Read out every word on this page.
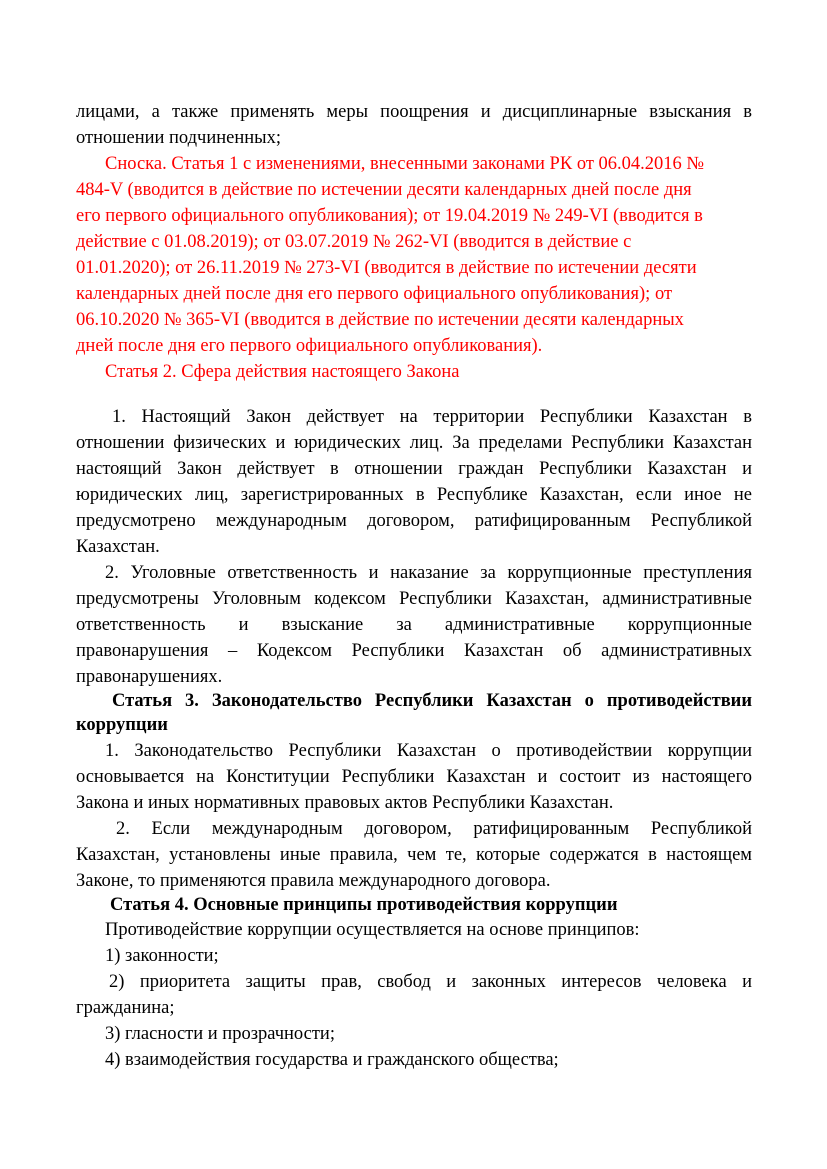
лицами, а также применять меры поощрения и дисциплинарные взыскания в
отношении подчиненных;
Сноска. Статья 1 с изменениями, внесенными законами РК от 06.04.2016 №
484-V (вводится в действие по истечении десяти календарных дней после дня
его первого официального опубликования); от 19.04.2019 № 249-VI (вводится в
действие с 01.08.2019); от 03.07.2019 № 262-VI (вводится в действие с
01.01.2020); от 26.11.2019 № 273-VI (вводится в действие по истечении десяти
календарных дней после дня его первого официального опубликования); от
06.10.2020 № 365-VI (вводится в действие по истечении десяти календарных
дней после дня его первого официального опубликования).
Статья 2. Сфера действия настоящего Закона
1. Настоящий Закон действует на территории Республики Казахстан в
отношении физических и юридических лиц. За пределами Республики Казахстан
настоящий Закон действует в отношении граждан Республики Казахстан и
юридических лиц, зарегистрированных в Республике Казахстан, если иное не
предусмотрено международным договором, ратифицированным Республикой
Казахстан.
2. Уголовные ответственность и наказание за коррупционные преступления
предусмотрены Уголовным кодексом Республики Казахстан, административные
ответственность и взыскание за административные коррупционные
правонарушения – Кодексом Республики Казахстан об административных
правонарушениях.
Статья 3. Законодательство Республики Казахстан о противодействии
коррупции
1. Законодательство Республики Казахстан о противодействии коррупции
основывается на Конституции Республики Казахстан и состоит из настоящего
Закона и иных нормативных правовых актов Республики Казахстан.
2. Если международным договором, ратифицированным Республикой
Казахстан, установлены иные правила, чем те, которые содержатся в настоящем
Законе, то применяются правила международного договора.
Статья 4. Основные принципы противодействия коррупции
Противодействие коррупции осуществляется на основе принципов:
1) законности;
2) приоритета защиты прав, свобод и законных интересов человека и
гражданина;
3) гласности и прозрачности;
4) взаимодействия государства и гражданского общества;
